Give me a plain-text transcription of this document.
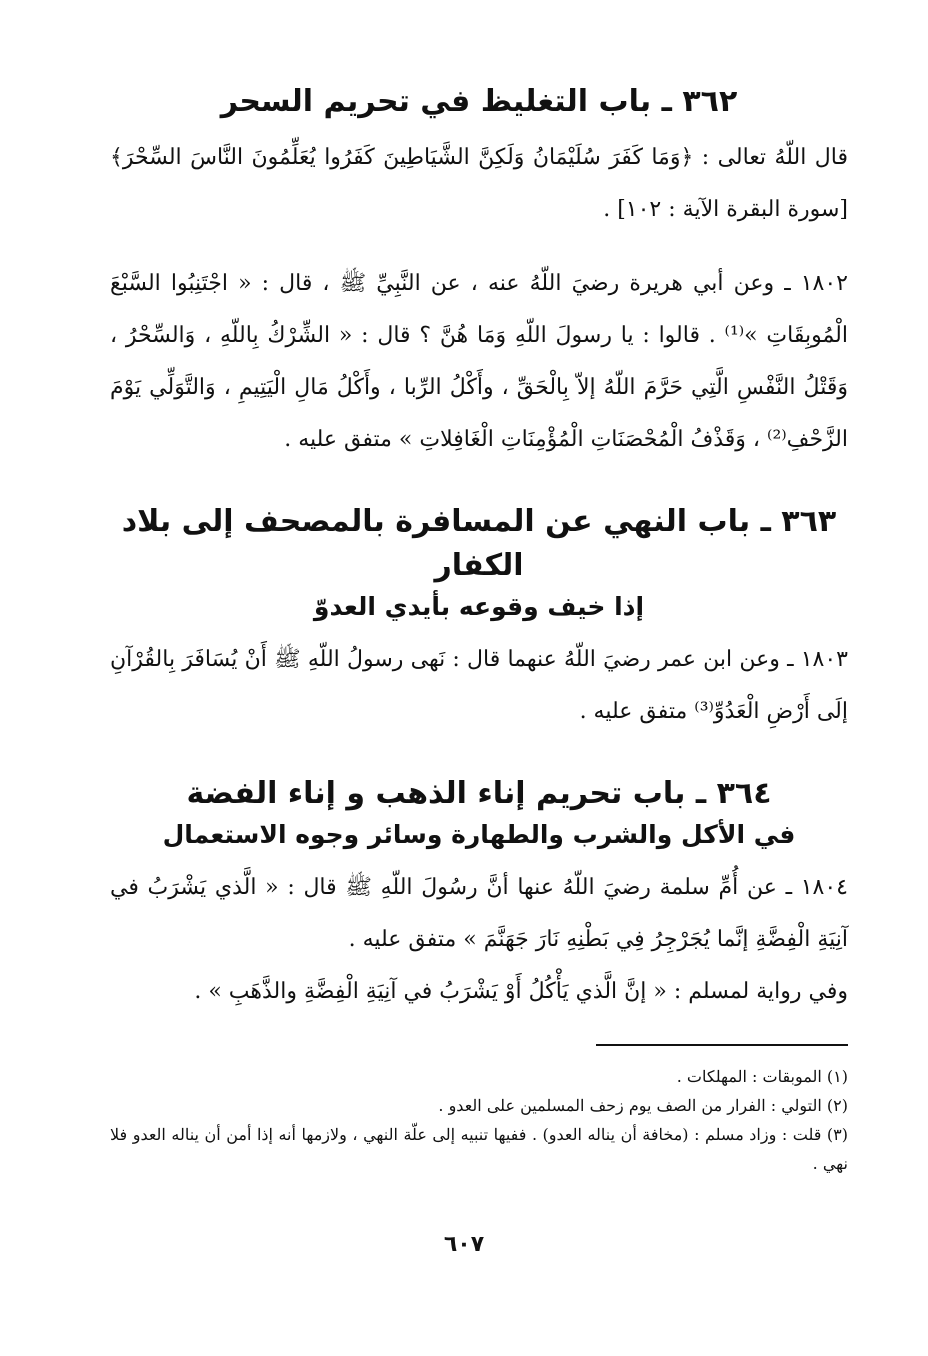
٣٦٢ ـ باب التغليظ في تحريم السحر

قال اللّهُ تعالى : ﴿وَمَا كَفَرَ سُلَيْمَانُ وَلَكِنَّ الشَّيَاطِينَ كَفَرُوا يُعَلِّمُونَ النَّاسَ السِّحْرَ﴾ [سورة البقرة الآية : ١٠٢] .

١٨٠٢ ـ وعن أبي هريرة رضيَ اللّهُ عنه ، عن النَّبِيِّ ﷺ ، قال : « اجْتَنِبُوا السَّبْعَ الْمُوبِقَاتِ »⁽¹⁾ . قالوا : يا رسولَ اللّهِ وَمَا هُنَّ ؟ قال : « الشِّرْكُ بِاللّهِ ، وَالسِّحْرُ ، وَقَتْلُ النَّفْسِ الَّتِي حَرَّمَ اللّهُ إلاّ بِالْحَقِّ ، وأَكْلُ الرِّبا ، وأَكْلُ مَالِ الْيَتِيمِ ، وَالتَّوَلِّي يَوْمَ الزَّحْفِ⁽²⁾ ، وَقَذْفُ الْمُحْصَنَاتِ الْمُؤْمِنَاتِ الْغَافِلاتِ » متفق عليه .

٣٦٣ ـ باب النهي عن المسافرة بالمصحف إلى بلاد الكفار
إذا خيف وقوعه بأيدي العدوّ

١٨٠٣ ـ وعن ابن عمر رضيَ اللّهُ عنهما قال : نَهى رسولُ اللّهِ ﷺ أَنْ يُسَافَرَ بِالقُرْآنِ إلَى أَرْضِ الْعَدُوِّ⁽³⁾ متفق عليه .

٣٦٤ ـ باب تحريم إناء الذهب و إناء الفضة
في الأكل والشرب والطهارة وسائر وجوه الاستعمال

١٨٠٤ ـ عن أُمِّ سلمة رضيَ اللّهُ عنها أنَّ رسُولَ اللّهِ ﷺ قال : « الَّذي يَشْرَبُ في آنِيَةِ الْفِضَّةِ إنَّما يُجَرْجِرُ فِي بَطْنِهِ نَارَ جَهَنَّمَ » متفق عليه .

وفي رواية لمسلم : « إنَّ الَّذي يَأْكُلُ أَوْ يَشْرَبُ في آنِيَةِ الْفِضَّةِ والذَّهَبِ » .

(١) الموبقات : المهلكات .

(٢) التولي : الفرار من الصف يوم زحف المسلمين على العدو .

(٣) قلت : وزاد مسلم : (مخافة أن يناله العدو) . ففيها تنبيه إلى علّة النهي ، ولازمها أنه إذا أمن أن يناله العدو فلا نهي .

٦٠٧
